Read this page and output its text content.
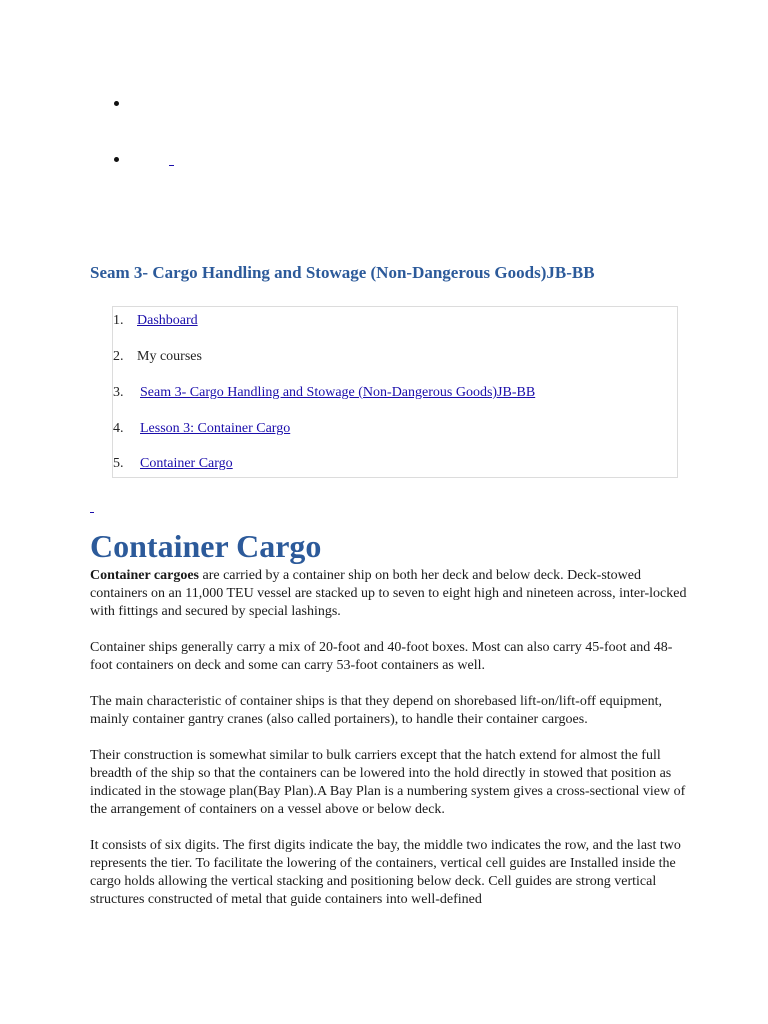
Seam 3- Cargo Handling and Stowage (Non-Dangerous Goods)JB-BB
1. Dashboard
2. My courses
3. Seam 3- Cargo Handling and Stowage (Non-Dangerous Goods)JB-BB
4. Lesson 3: Container Cargo
5. Container Cargo
Container Cargo

Container cargoes are carried by a container ship on both her deck and below deck. Deck-stowed containers on an 11,000 TEU vessel are stacked up to seven to eight high and nineteen across, inter-locked with fittings and secured by special lashings.

Container ships generally carry a mix of 20-foot and 40-foot boxes. Most can also carry 45-foot and 48-foot containers on deck and some can carry 53-foot containers as well.

The main characteristic of container ships is that they depend on shorebased lift-on/lift-off equipment, mainly container gantry cranes (also called portainers), to handle their container cargoes.

Their construction is somewhat similar to bulk carriers except that the hatch extend for almost the full breadth of the ship so that the containers can be lowered into the hold directly in stowed that position as indicated in the stowage plan(Bay Plan).A Bay Plan is a numbering system gives a cross-sectional view of the arrangement of containers on a vessel above or below deck.

It consists of six digits. The first digits indicate the bay, the middle two indicates the row, and the last two represents the tier. To facilitate the lowering of the containers, vertical cell guides are Installed inside the cargo holds allowing the vertical stacking and positioning below deck. Cell guides are strong vertical structures constructed of metal that guide containers into well-defined
